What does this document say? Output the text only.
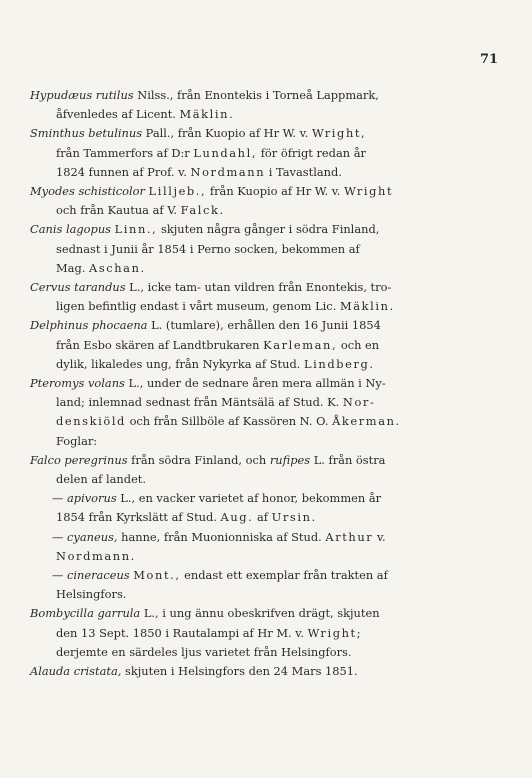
71
Hypudæus rutilus Nilss., från Enontekis i Torneå Lappmark,
åfvenledes af Licent. Mäklin.
Sminthus betulinus Pall., från Kuopio af Hr W. v. Wright,
från Tammerfors af D:r Lundahl, för öfrigt redan år
1824 funnen af Prof. v. Nordmann i Tavastland.
Myodes schisticolor Lilljeb., från Kuopio af Hr W. v. Wright
och från Kautua af V. Falck.
Canis lagopus Linn., skjuten några gånger i södra Finland,
sednast i Junii år 1854 i Perno socken, bekommen af
Mag. Aschan.
Cervus tarandus L., icke tam- utan vildren från Enontekis, tro-
ligen befintlig endast i vårt museum, genom Lic. Mäklin.
Delphinus phocaena L. (tumlare), erhållen den 16 Junii 1854
från Esbo skären af Landtbrukaren Karleman, och en
dylik, likaledes ung, från Nykyrka af Stud. Lindberg.
Pteromys volans L., under de sednare åren mera allmän i Ny-
land; inlemnad sednast från Mäntsälä af Stud. K. Nor-
denskiöld och från Sillböle af Kassören N. O. Åkerman.
Foglar:
Falco peregrinus från södra Finland, och rufipes L. från östra
delen af landet.
— apivorus L., en vacker varietet af honor, bekommen år
1854 från Kyrkslätt af Stud. Aug. af Ursin.
— cyaneus, hanne, från Muonionniska af Stud. Arthur v.
Nordmann.
— cineraceus Mont., endast ett exemplar från trakten af
Helsingfors.
Bombycilla garrula L., i ung ännu obeskrifven drägt, skjuten
den 13 Sept. 1850 i Rautalampi af Hr M. v. Wright;
derjemte en särdeles ljus varietet från Helsingfors.
Alauda cristata, skjuten i Helsingfors den 24 Mars 1851.
